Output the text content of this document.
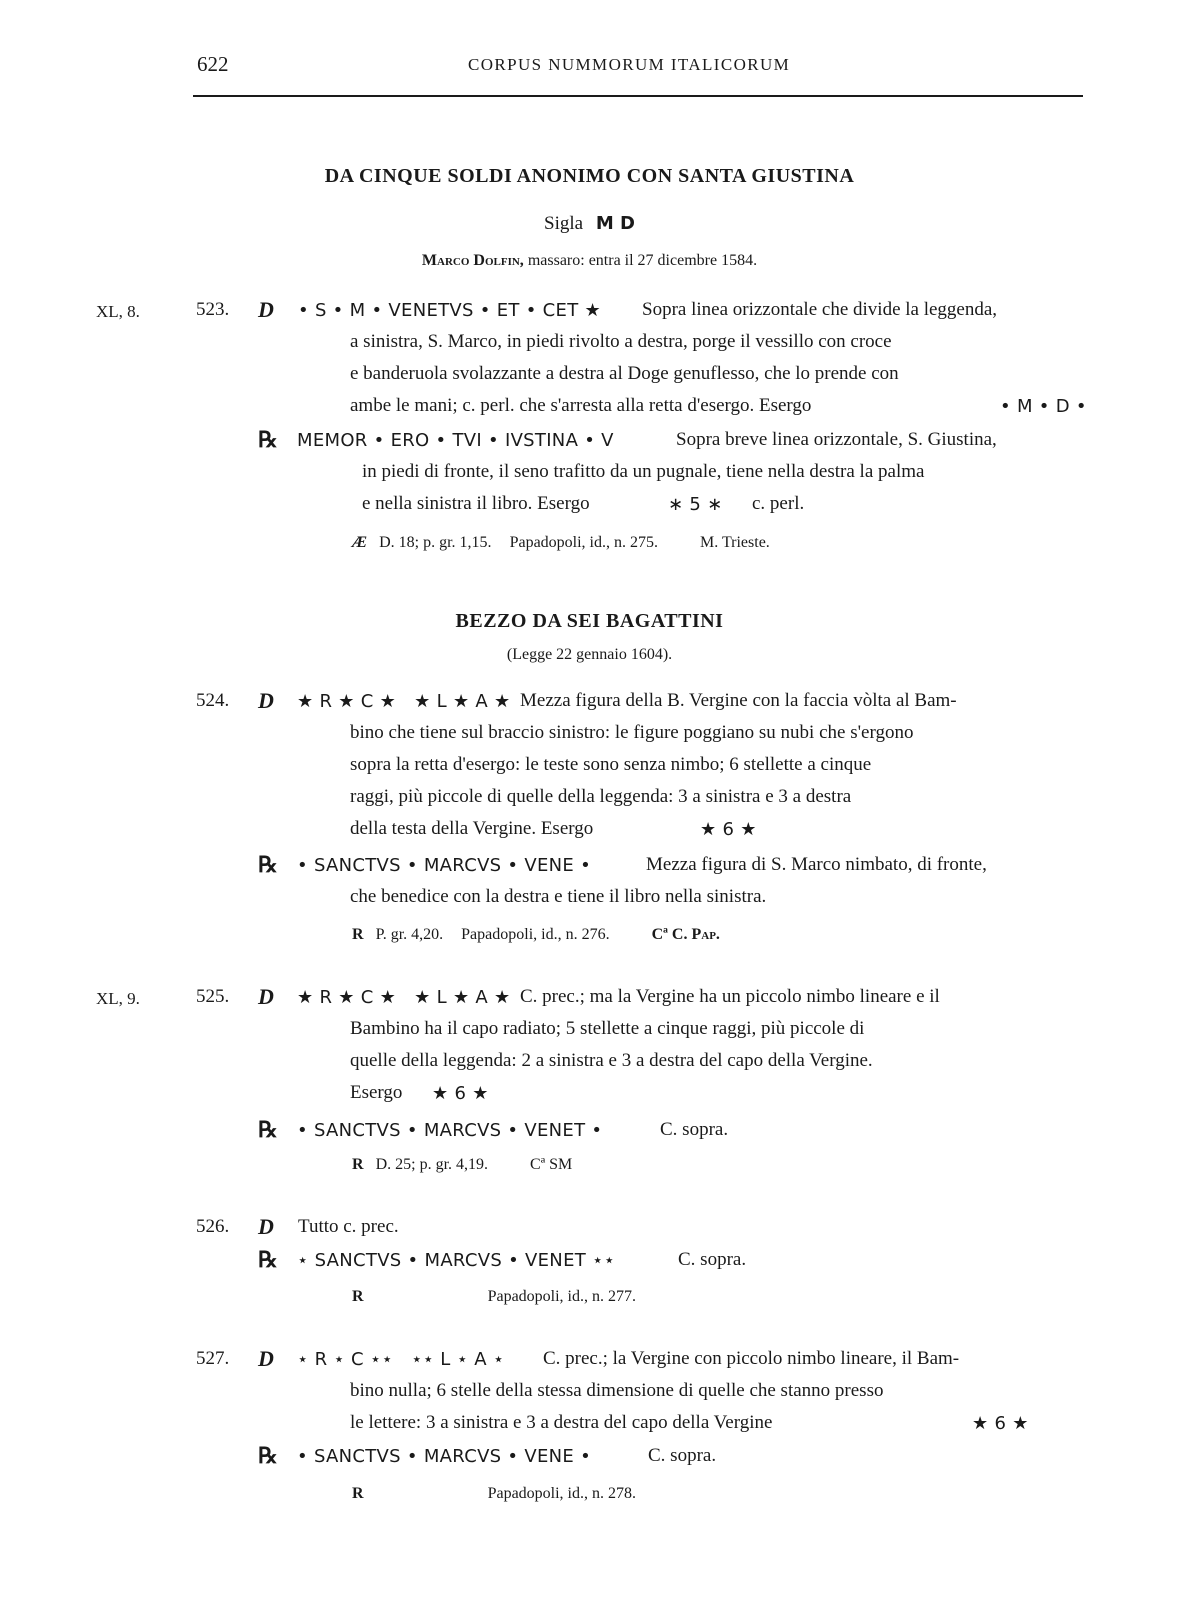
622	CORPUS NUMMORUM ITALICORUM
DA CINQUE SOLDI ANONIMO CON SANTA GIUSTINA
Sigla M D
Marco Dolfin, massaro: entra il 27 dicembre 1584.
XL, 8.	523. D • S • M • VENETVS • ET • CET ★ Sopra linea orizzontale che divide la leggenda,
a sinistra, S. Marco, in piedi rivolto a destra, porge il vessillo con croce
e banderuola svolazzante a destra al Doge genuflesso, che lo prende con
ambe le mani; c. perl. che s'arresta alla retta d'esergo. Esergo	• M • D •
℞ MEMOR • ERO • TVI • IVSTINA • V	Sopra breve linea orizzontale, S. Giustina,
in piedi di fronte, il seno trafitto da un pugnale, tiene nella destra la palma
e nella sinistra il libro. Esergo	∗ 5 ∗ c. perl.
Æ D. 18; p. gr. 1,15. Papadopoli, id., n. 275.	M. Trieste.
BEZZO DA SEI BAGATTINI
(Legge 22 gennaio 1604).
524. D ★ R ★ C ★   ★ L ★ A ★ Mezza figura della B. Vergine con la faccia vòlta al Bam-
bino che tiene sul braccio sinistro: le figure poggiano su nubi che s'ergono
sopra la retta d'esergo: le teste sono senza nimbo; 6 stellette a cinque
raggi, più piccole di quelle della leggenda: 3 a sinistra e 3 a destra
della testa della Vergine. Esergo	★ 6 ★
℞ • SANCTVS • MARCVS • VENE •	Mezza figura di S. Marco nimbato, di fronte,
che benedice con la destra e tiene il libro nella sinistra.
R P. gr. 4,20. Papadopoli, id., n. 276.	Cª C. Pap.
XL, 9.	525. D ★ R ★ C ★   ★ L ★ A ★ C. prec.; ma la Vergine ha un piccolo nimbo lineare e il
Bambino ha il capo radiato; 5 stellette a cinque raggi, più piccole di
quelle della leggenda: 2 a sinistra e 3 a destra del capo della Vergine.
Esergo ★ 6 ★
℞ • SANCTVS • MARCVS • VENET •	C. sopra.
R D. 25; p. gr. 4,19.	Cª SM
526. D Tutto c. prec.
℞ ⋆ SANCTVS • MARCVS • VENET ⋆⋆	C. sopra.
R	Papadopoli, id., n. 277.
527. D ⋆ R ⋆ C ⋆⋆   ⋆⋆ L ⋆ A ⋆ C. prec.; la Vergine con piccolo nimbo lineare, il Bam-
bino nulla; 6 stelle della stessa dimensione di quelle che stanno presso
le lettere: 3 a sinistra e 3 a destra del capo della Vergine	★ 6 ★
℞ • SANCTVS • MARCVS • VENE •	C. sopra.
R	Papadopoli, id., n. 278.
